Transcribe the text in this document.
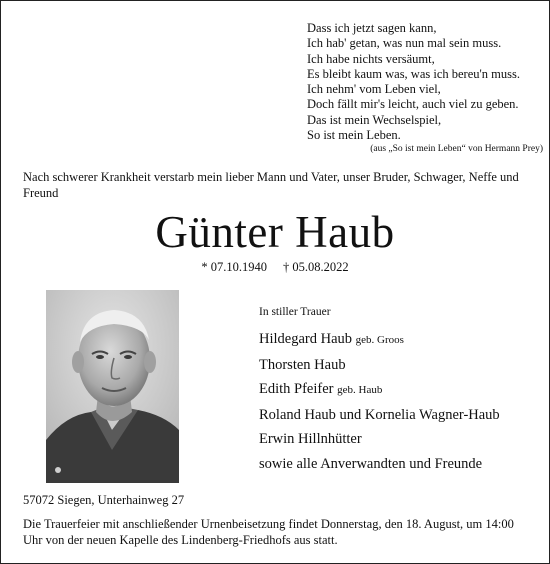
Dass ich jetzt sagen kann,
Ich hab' getan, was nun mal sein muss.
Ich habe nichts versäumt,
Es bleibt kaum was, was ich bereu'n muss.
Ich nehm' vom Leben viel,
Doch fällt mir's leicht, auch viel zu geben.
Das ist mein Wechselspiel,
So ist mein Leben.
(aus „So ist mein Leben“ von Hermann Prey)
Nach schwerer Krankheit verstarb mein lieber Mann und Vater, unser Bruder, Schwager, Neffe und Freund
Günter Haub
* 07.10.1940 † 05.08.2022
In stiller Trauer
Hildegard Haub geb. Groos
Thorsten Haub
Edith Pfeifer geb. Haub
Roland Haub und Kornelia Wagner-Haub
Erwin Hillnhütter
sowie alle Anverwandten und Freunde
57072 Siegen, Unterhainweg 27
Die Trauerfeier mit anschließender Urnenbeisetzung findet Donnerstag, den 18. August, um 14:00 Uhr von der neuen Kapelle des Lindenberg-Friedhofs aus statt.
